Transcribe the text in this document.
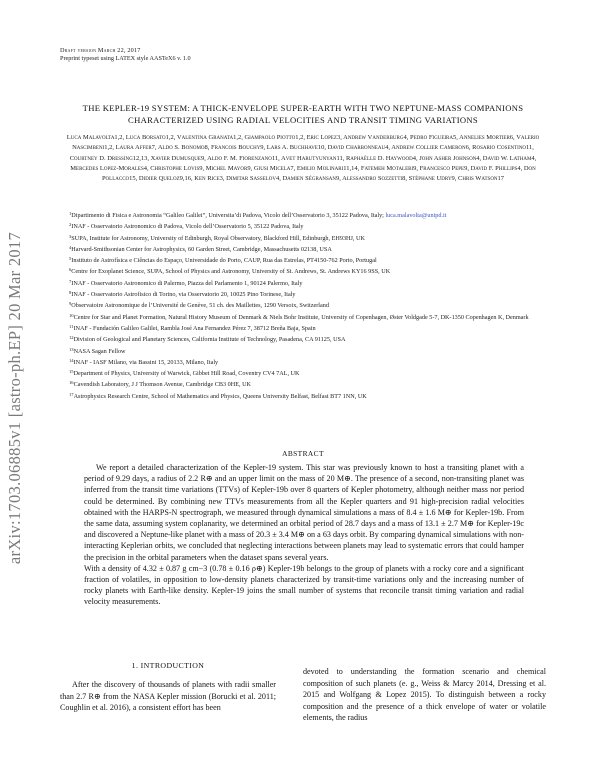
arXiv:1703.06885v1 [astro-ph.EP] 20 Mar 2017
Draft version March 22, 2017
Preprint typeset using LATEX style AASTeX6 v. 1.0
THE KEPLER-19 SYSTEM: A THICK-ENVELOPE SUPER-EARTH WITH TWO NEPTUNE-MASS COMPANIONS CHARACTERIZED USING RADIAL VELOCITIES AND TRANSIT TIMING VARIATIONS
Luca Malavolta1,2, Luca Borsato1,2, Valentina Granata1,2, Giampaolo Piotto1,2, Eric Lopez3, Andrew Vanderburg4, Pedro Figueira5, Annelies Mortier6, Valerio Nascimbeni1,2, Laura Affer7, Aldo S. Bonomo8, Francois Bouchy9, Lars A. Buchhave10, David Charbonneau4, Andrew Collier Cameron6, Rosario Cosentino11, Courtney D. Dressing12,13, Xavier Dumusque9, Aldo F. M. Fiorenzano11, Avet Harutyunyan11, Raphaëlle D. Haywood4, John Asher Johnson4, David W. Latham4, Mercedes Lopez-Morales4, Christophe Lovis9, Michel Mayor9, Giusi Micela7, Emilio Molinari11,14, Fatemeh Motalebi9, Francesco Pepe9, David F. Phillips4, Don Pollacco15, Didier Queloz9,16, Ken Rice3, Dimitar Sasselov4, Damien Ségransan9, Alessandro Sozzetti8, Stéphane Udry9, Chris Watson17
$^1$Dipartimento di Fisica e Astronomia “Galileo Galilei”, Universita’di Padova, Vicolo dell’Osservatorio 3, 35122 Padova, Italy; luca.malavolta@unipd.it
$^2$INAF - Osservatorio Astronomico di Padova, Vicolo dell’Osservatorio 5, 35122 Padova, Italy
$^3$SUPA, Institute for Astronomy, University of Edinburgh, Royal Observatory, Blackford Hill, Edinburgh, EH93HJ, UK
$^4$Harvard-Smithsonian Center for Astrophysics, 60 Garden Street, Cambridge, Massachusetts 02138, USA
$^5$Instituto de Astrofísica e Ciências do Espaço, Universidade do Porto, CAUP, Rua das Estrelas, PT4150-762 Porto, Portugal
$^6$Centre for Exoplanet Science, SUPA, School of Physics and Astronomy, University of St. Andrews, St. Andrews KY16 9SS, UK
$^7$INAF - Osservatorio Astronomico di Palermo, Piazza del Parlamento 1, 90124 Palermo, Italy
$^8$INAF - Osservatorio Astrofisico di Torino, via Osservatorio 20, 10025 Pino Torinese, Italy
$^9$Observatoire Astronomique de l’Université de Genève, 51 ch. des Maillettes, 1290 Versoix, Switzerland
$^{10}$Centre for Star and Planet Formation, Natural History Museum of Denmark & Niels Bohr Institute, University of Copenhagen, Øster Voldgade 5-7, DK-1350 Copenhagen K, Denmark
$^{11}$INAF - Fundación Galileo Galilei, Rambla José Ana Fernandez Pérez 7, 38712 Breña Baja, Spain
$^{12}$Division of Geological and Planetary Sciences, California Institute of Technology, Pasadena, CA 91125, USA
$^{13}$NASA Sagan Fellow
$^{14}$INAF - IASF Milano, via Bassini 15, 20133, Milano, Italy
$^{15}$Department of Physics, University of Warwick, Gibbet Hill Road, Coventry CV4 7AL, UK
$^{16}$Cavendish Laboratory, J J Thomson Avenue, Cambridge CB3 0HE, UK
$^{17}$Astrophysics Research Centre, School of Mathematics and Physics, Queens University Belfast, Belfast BT7 1NN, UK
ABSTRACT

We report a detailed characterization of the Kepler-19 system. This star was previously known to host a transiting planet with a period of 9.29 days, a radius of 2.2 R⊕ and an upper limit on the mass of 20 M⊕. The presence of a second, non-transiting planet was inferred from the transit time variations (TTVs) of Kepler-19b over 8 quarters of Kepler photometry, although neither mass nor period could be determined. By combining new TTVs measurements from all the Kepler quarters and 91 high-precision radial velocities obtained with the HARPS-N spectrograph, we measured through dynamical simulations a mass of 8.4 ± 1.6 M⊕ for Kepler-19b. From the same data, assuming system coplanarity, we determined an orbital period of 28.7 days and a mass of 13.1 ± 2.7 M⊕ for Kepler-19c and discovered a Neptune-like planet with a mass of 20.3 ± 3.4 M⊕ on a 63 days orbit. By comparing dynamical simulations with non-interacting Keplerian orbits, we concluded that neglecting interactions between planets may lead to systematic errors that could hamper the precision in the orbital parameters when the dataset spans several years.

With a density of 4.32 ± 0.87 g cm−3 (0.78 ± 0.16 ρ⊕) Kepler-19b belongs to the group of planets with a rocky core and a significant fraction of volatiles, in opposition to low-density planets characterized by transit-time variations only and the increasing number of rocky planets with Earth-like density. Kepler-19 joins the small number of systems that reconcile transit timing variation and radial velocity measurements.

1. INTRODUCTION
After the discovery of thousands of planets with radii smaller than 2.7 R⊕ from the NASA Kepler mission (Borucki et al. 2011; Coughlin et al. 2016), a consistent effort has been
devoted to understanding the formation scenario and chemical composition of such planets (e. g., Weiss & Marcy 2014, Dressing et al. 2015 and Wolfgang & Lopez 2015). To distinguish between a rocky composition and the presence of a thick envelope of water or volatile elements, the radius
